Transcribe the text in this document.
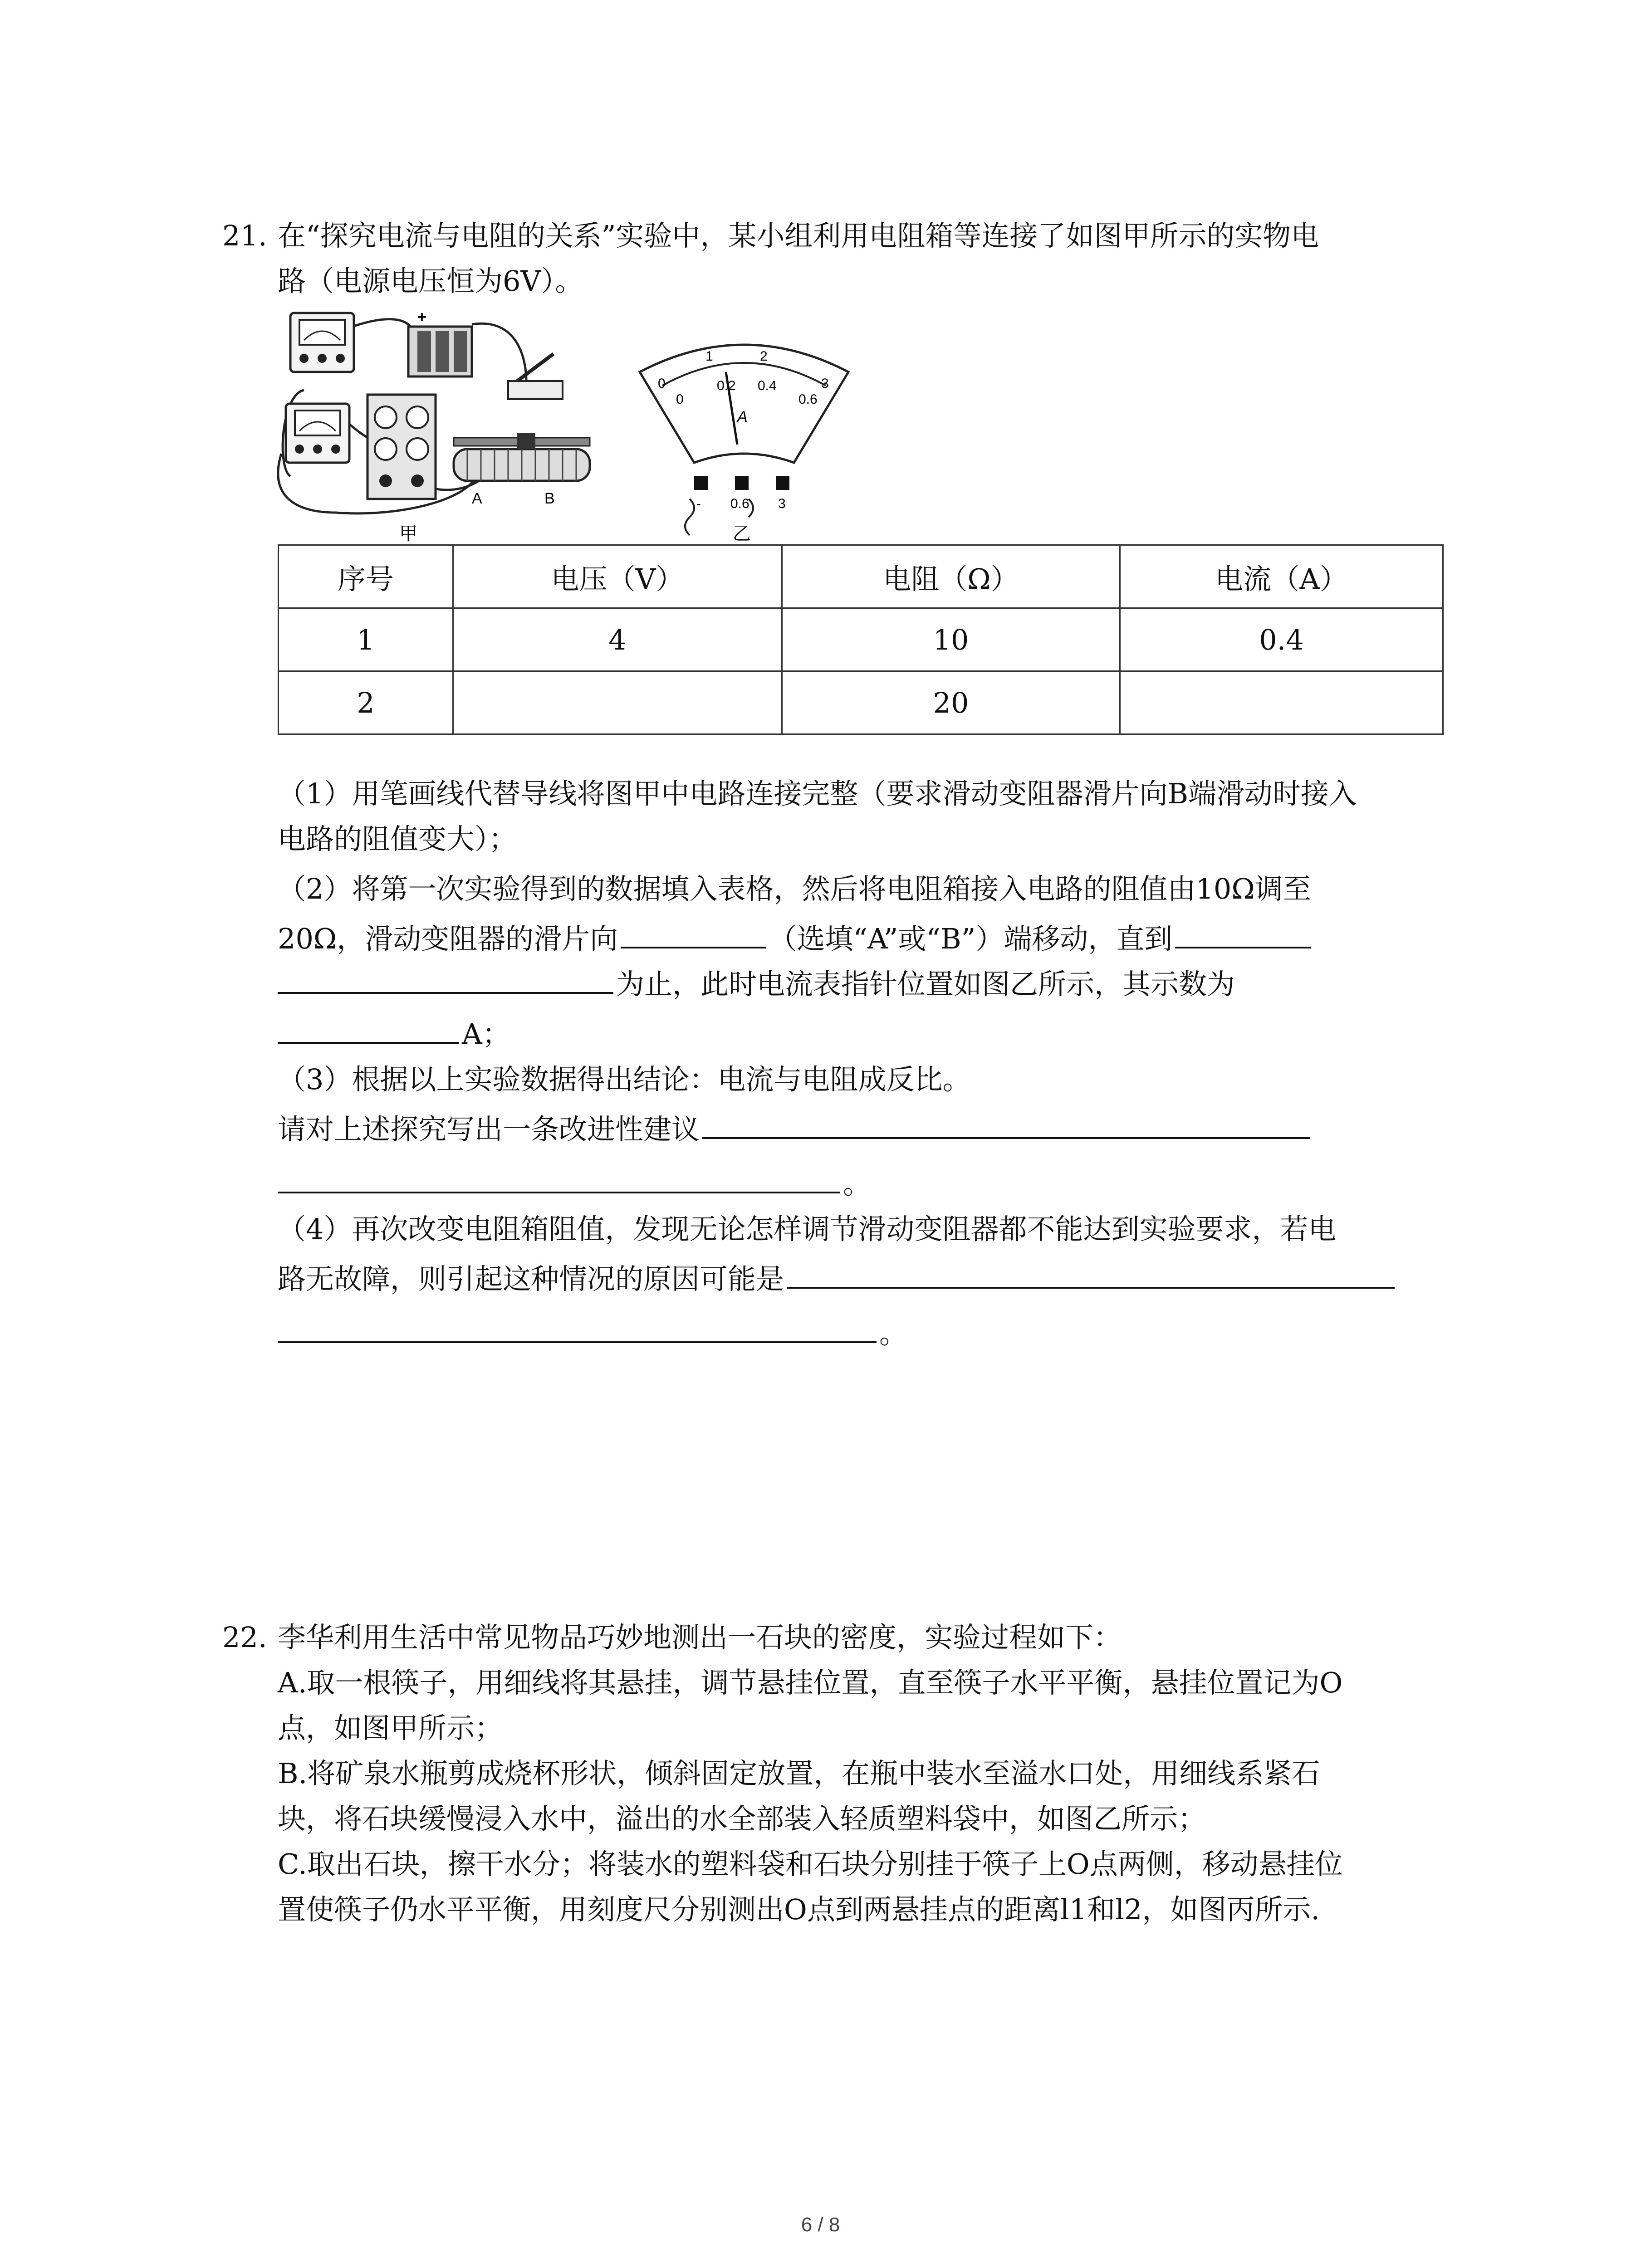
21. 在“探究电流与电阻的关系”实验中，某小组利用电阻箱等连接了如图甲所示的实物电
路（电源电压恒为6V）。
+
A	B
甲
0
1	2
3
0
0.2 0.4
0.6
A
- 0.6 3
乙
序号	电压（V）	电阻（Ω）	电流（A）
1	4	10	0.4
2		20	
（1）用笔画线代替导线将图甲中电路连接完整（要求滑动变阻器滑片向B端滑动时接入
电路的阻值变大）；
（2）将第一次实验得到的数据填入表格，然后将电阻箱接入电路的阻值由10Ω调至
20Ω，滑动变阻器的滑片向	（选填“A”或“B”）端移动，直到
为止，此时电流表指针位置如图乙所示，其示数为
A；
（3）根据以上实验数据得出结论：电流与电阻成反比。
请对上述探究写出一条改进性建议
。
（4）再次改变电阻箱阻值，发现无论怎样调节滑动变阻器都不能达到实验要求，若电
路无故障，则引起这种情况的原因可能是
。
22. 李华利用生活中常见物品巧妙地测出一石块的密度，实验过程如下：
A.取一根筷子，用细线将其悬挂，调节悬挂位置，直至筷子水平平衡，悬挂位置记为O
点，如图甲所示；
B.将矿泉水瓶剪成烧杯形状，倾斜固定放置，在瓶中装水至溢水口处，用细线系紧石
块，将石块缓慢浸入水中，溢出的水全部装入轻质塑料袋中，如图乙所示；
C.取出石块，擦干水分；将装水的塑料袋和石块分别挂于筷子上O点两侧，移动悬挂位
置使筷子仍水平平衡，用刻度尺分别测出O点到两悬挂点的距离l1和l2，如图丙所示.
6 / 8
